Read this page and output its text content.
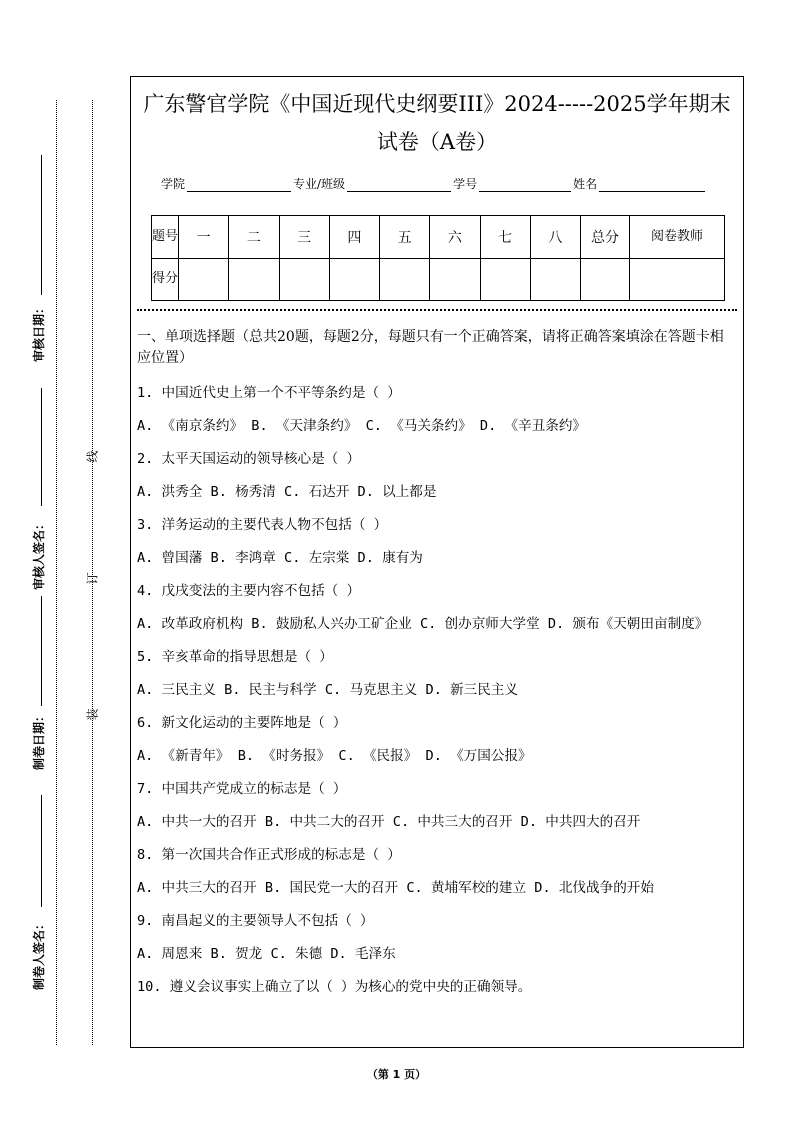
审核日期：
审核人签名：
制卷日期：
制卷人签名：
线
订
装
广东警官学院《中国近现代史纲要III》2024-----2025学年期末试卷（A卷）
学院	专业/班级	学号	姓名
题号	一	二	三	四	五	六	七	八	总分	阅卷教师
得分										
一、单项选择题（总共20题，每题2分，每题只有一个正确答案，请将正确答案填涂在答题卡相应位置）
1. 中国近代史上第一个不平等条约是（ ）
A. 《南京条约》 B. 《天津条约》 C. 《马关条约》 D. 《辛丑条约》
2. 太平天国运动的领导核心是（ ）
A. 洪秀全 B. 杨秀清 C. 石达开 D. 以上都是
3. 洋务运动的主要代表人物不包括（ ）
A. 曾国藩 B. 李鸿章 C. 左宗棠 D. 康有为
4. 戊戌变法的主要内容不包括（ ）
A. 改革政府机构 B. 鼓励私人兴办工矿企业 C. 创办京师大学堂 D. 颁布《天朝田亩制度》
5. 辛亥革命的指导思想是（ ）
A. 三民主义 B. 民主与科学 C. 马克思主义 D. 新三民主义
6. 新文化运动的主要阵地是（ ）
A. 《新青年》 B. 《时务报》 C. 《民报》 D. 《万国公报》
7. 中国共产党成立的标志是（ ）
A. 中共一大的召开 B. 中共二大的召开 C. 中共三大的召开 D. 中共四大的召开
8. 第一次国共合作正式形成的标志是（ ）
A. 中共三大的召开 B. 国民党一大的召开 C. 黄埔军校的建立 D. 北伐战争的开始
9. 南昌起义的主要领导人不包括（ ）
A. 周恩来 B. 贺龙 C. 朱德 D. 毛泽东
10. 遵义会议事实上确立了以（ ）为核心的党中央的正确领导。
（第 1 页）
